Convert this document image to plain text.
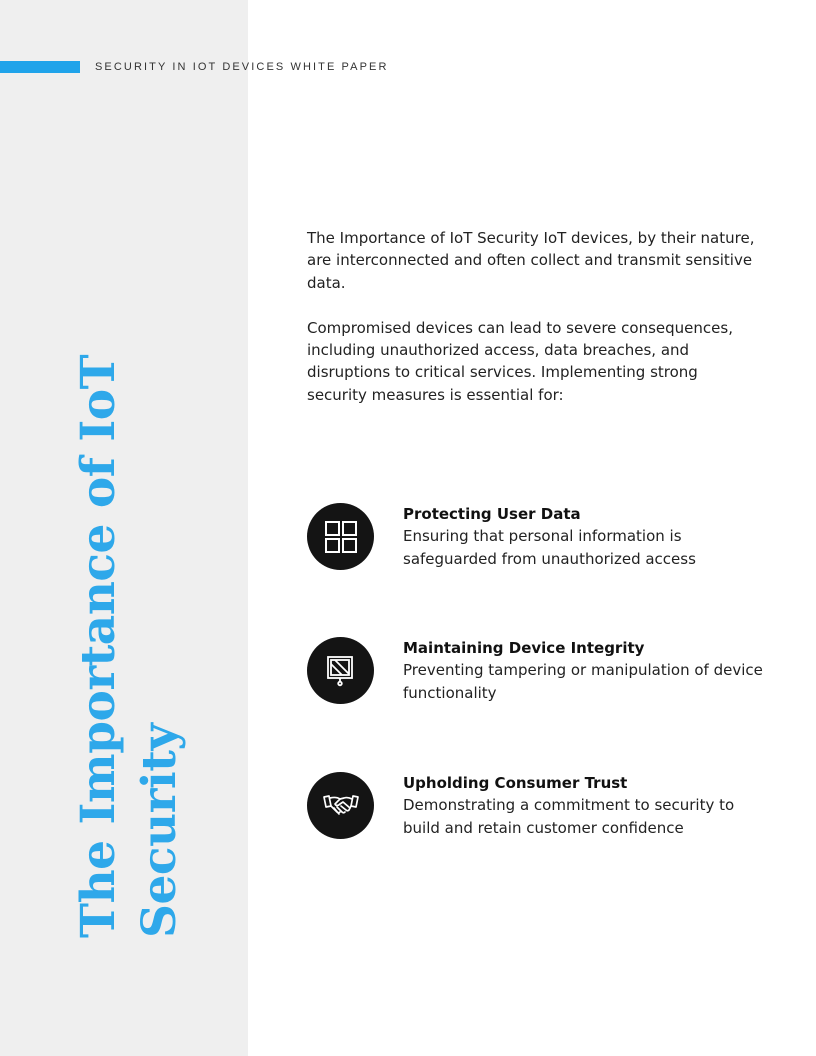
SECURITY IN IOT DEVICES WHITE PAPER
The Importance of IoT Security

The Importance of IoT Security IoT devices, by their nature, are interconnected and often collect and transmit sensitive data.

Compromised devices can lead to severe consequences, including unauthorized access, data breaches, and disruptions to critical services. Implementing strong security measures is essential for:

Protecting User Data
Ensuring that personal information is safeguarded from unauthorized access
Maintaining Device Integrity
Preventing tampering or manipulation of device functionality
Upholding Consumer Trust
Demonstrating a commitment to security to build and retain customer confidence
